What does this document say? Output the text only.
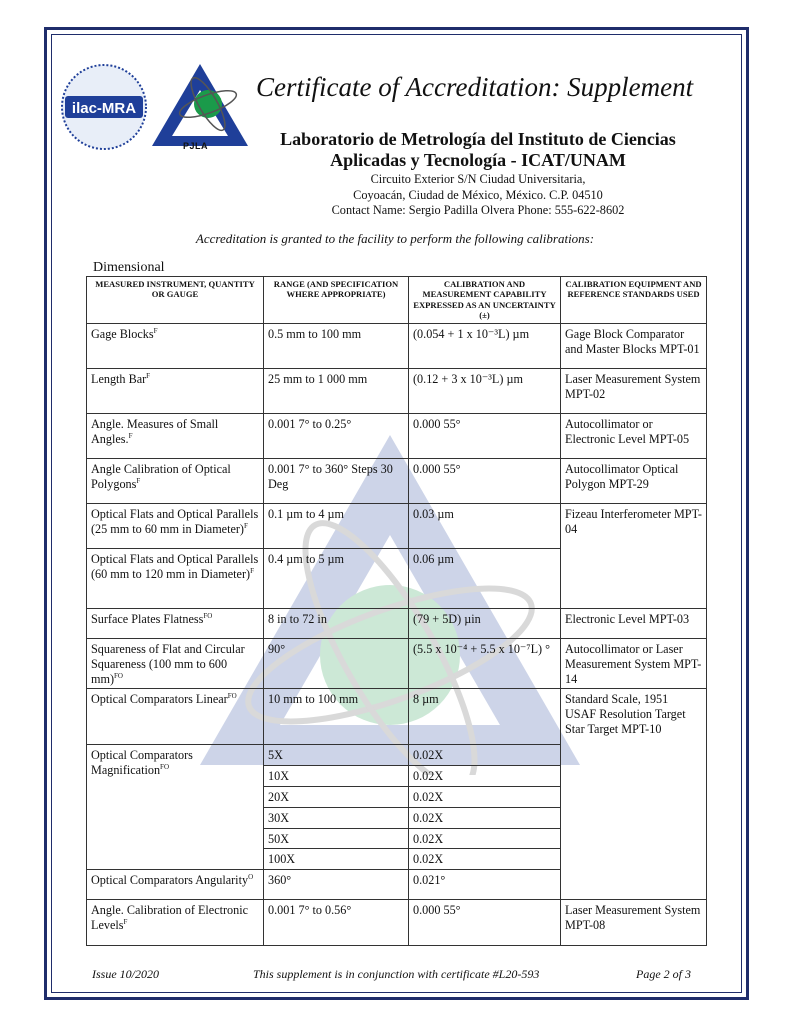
ilac-MRA
PJLA
Certificate of Accreditation: Supplement
Laboratorio de Metrología del Instituto de Ciencias
Aplicadas y Tecnología - ICAT/UNAM
Circuito Exterior S/N Ciudad Universitaria,
Coyoacán, Ciudad de México, México. C.P. 04510
Contact Name: Sergio Padilla Olvera Phone: 555-622-8602
Accreditation is granted to the facility to perform the following calibrations:
Dimensional
MEASURED INSTRUMENT, QUANTITY OR GAUGE	RANGE (AND SPECIFICATION WHERE APPROPRIATE)	CALIBRATION AND MEASUREMENT CAPABILITY EXPRESSED AS AN UNCERTAINTY (±)	CALIBRATION EQUIPMENT AND REFERENCE STANDARDS USED
Gage Blocks$^F$	0.5 mm to 100 mm	(0.054 + 1 x 10⁻³L) µm	Gage Block Comparator and Master Blocks MPT-01
Length Bar$^F$	25 mm to 1 000 mm	(0.12 + 3 x 10⁻³L) µm	Laser Measurement System MPT-02
Angle. Measures of Small Angles.$^F$	0.001 7° to 0.25°	0.000 55°	Autocollimator or Electronic Level MPT-05
Angle Calibration of Optical Polygons$^F$	0.001 7° to 360° Steps 30 Deg	0.000 55°	Autocollimator Optical Polygon MPT-29
Optical Flats and Optical Parallels (25 mm to 60 mm in Diameter)$^F$	0.1 µm to 4 µm	0.03 µm	Fizeau Interferometer MPT-04
Optical Flats and Optical Parallels (60 mm to 120 mm in Diameter)$^F$	0.4 µm to 5 µm	0.06 µm	
Surface Plates Flatness$^{FO}$	8 in to 72 in	(79 + 5D) µin	Electronic Level MPT-03
Squareness of Flat and Circular Squareness (100 mm to 600 mm)$^{FO}$	90°	(5.5 x 10⁻⁴ + 5.5 x 10⁻⁷L) °	Autocollimator or Laser Measurement System MPT-14
Optical Comparators Linear$^{FO}$	10 mm to 100 mm	8 µm	Standard Scale, 1951 USAF Resolution Target Star Target MPT-10
Optical Comparators Magnification$^{FO}$	5X	0.02X	
	10X	0.02X	
	20X	0.02X	
	30X	0.02X	
	50X	0.02X	
	100X	0.02X	
Optical Comparators Angularity$^O$	360°	0.021°	
Angle. Calibration of Electronic Levels$^F$	0.001 7° to 0.56°	0.000 55°	Laser Measurement System MPT-08
Issue 10/2020	This supplement is in conjunction with certificate #L20-593	Page 2 of 3
